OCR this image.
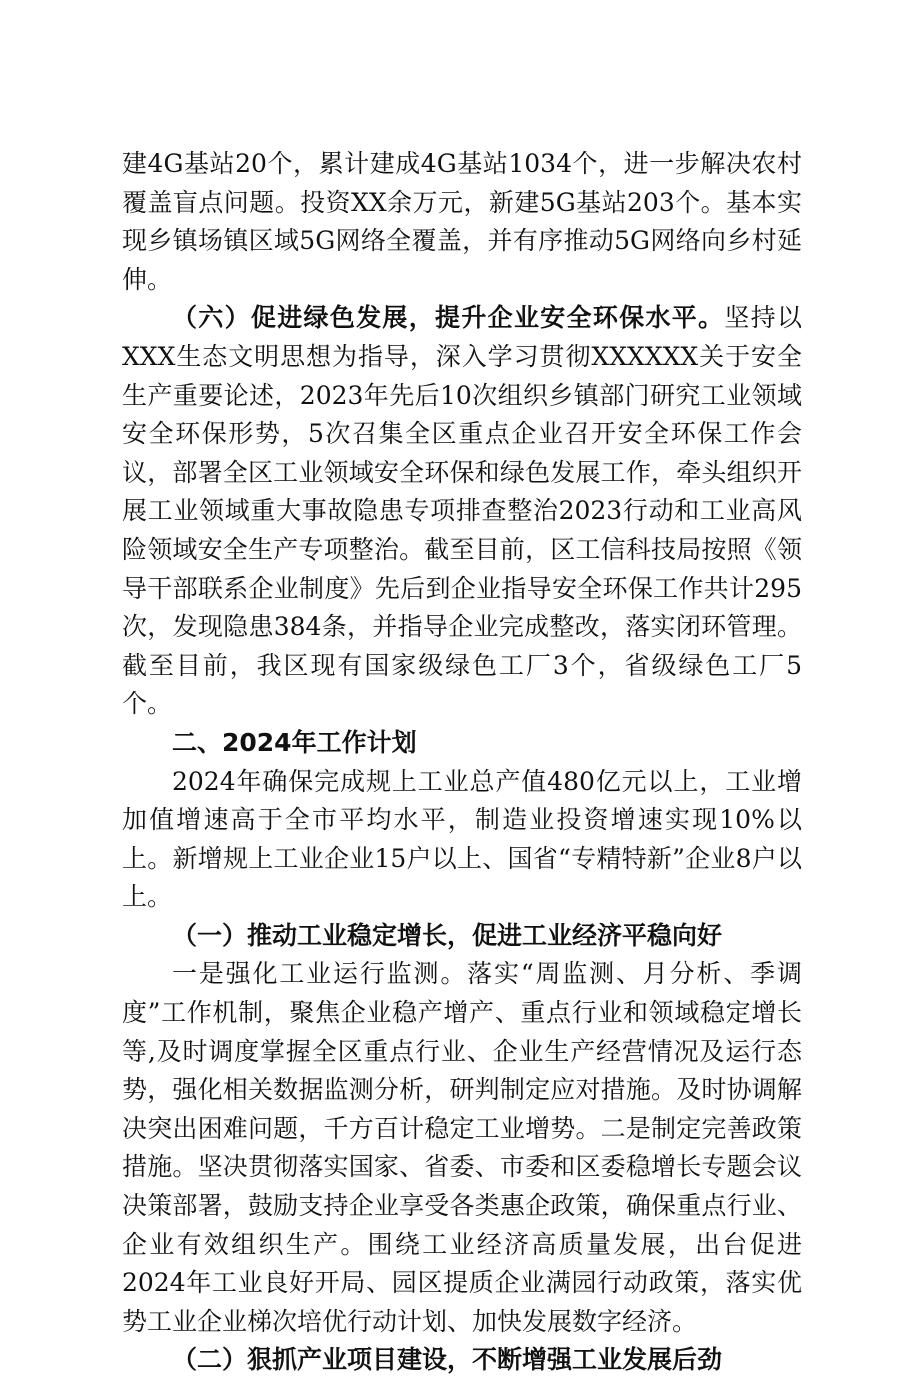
建4G基站20个，累计建成4G基站1034个，进一步解决农村覆盖盲点问题。投资XX余万元，新建5G基站203个。基本实现乡镇场镇区域5G网络全覆盖，并有序推动5G网络向乡村延伸。

（六）促进绿色发展，提升企业安全环保水平。坚持以XXX生态文明思想为指导，深入学习贯彻XXXXXX关于安全生产重要论述，2023年先后10次组织乡镇部门研究工业领域安全环保形势，5次召集全区重点企业召开安全环保工作会议，部署全区工业领域安全环保和绿色发展工作，牵头组织开展工业领域重大事故隐患专项排查整治2023行动和工业高风险领域安全生产专项整治。截至目前，区工信科技局按照《领导干部联系企业制度》先后到企业指导安全环保工作共计295次，发现隐患384条，并指导企业完成整改，落实闭环管理。截至目前，我区现有国家级绿色工厂3个，省级绿色工厂5个。

二、2024年工作计划

2024年确保完成规上工业总产值480亿元以上，工业增加值增速高于全市平均水平，制造业投资增速实现10%以上。新增规上工业企业15户以上、国省“专精特新”企业8户以上。

（一）推动工业稳定增长，促进工业经济平稳向好

一是强化工业运行监测。落实“周监测、月分析、季调度”工作机制，聚焦企业稳产增产、重点行业和领域稳定增长等,及时调度掌握全区重点行业、企业生产经营情况及运行态势，强化相关数据监测分析，研判制定应对措施。及时协调解决突出困难问题，千方百计稳定工业增势。二是制定完善政策措施。坚决贯彻落实国家、省委、市委和区委稳增长专题会议决策部署，鼓励支持企业享受各类惠企政策，确保重点行业、企业有效组织生产。围绕工业经济高质量发展，出台促进2024年工业良好开局、园区提质企业满园行动政策，落实优势工业企业梯次培优行动计划、加快发展数字经济。

（二）狠抓产业项目建设，不断增强工业发展后劲
